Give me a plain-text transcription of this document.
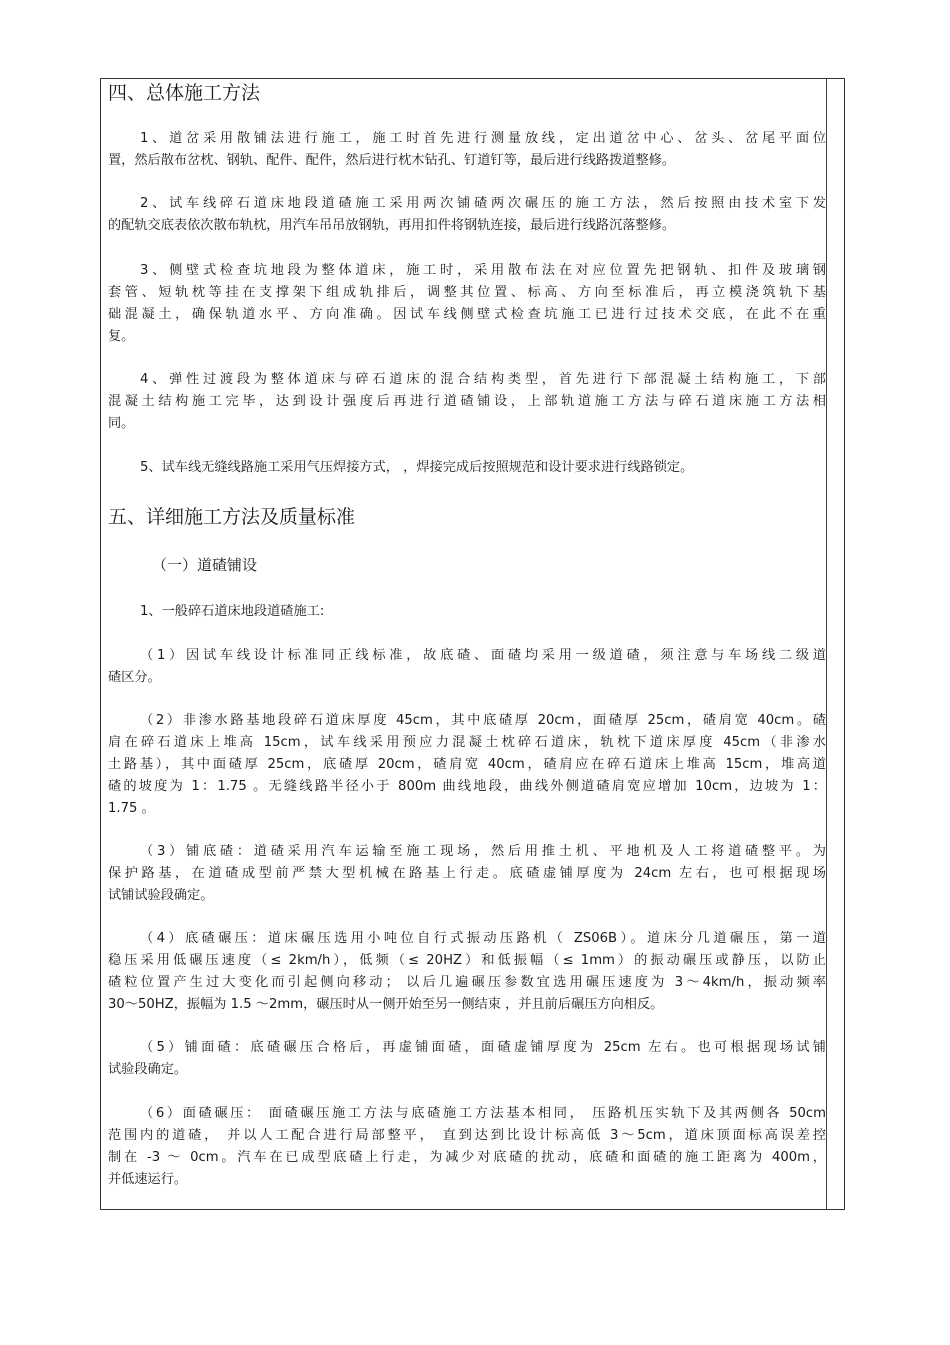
四、总体施工方法
1、道岔采用散铺法进行施工，施工时首先进行测量放线，定出道岔中心、岔头、岔尾平面位
置，然后散布岔枕、钢轨、配件、配件，然后进行枕木钻孔、钉道钉等，最后进行线路拨道整修。
2、试车线碎石道床地段道碴施工采用两次铺碴两次碾压的施工方法，然后按照由技术室下发
的配轨交底表依次散布轨枕，用汽车吊吊放钢轨，再用扣件将钢轨连接，最后进行线路沉落整修。
3、侧壁式检查坑地段为整体道床，施工时，采用散布法在对应位置先把钢轨、扣件及玻璃钢
套管、短轨枕等挂在支撑架下组成轨排后，调整其位置、标高、方向至标准后，再立模浇筑轨下基
础混凝土，确保轨道水平、方向准确。因试车线侧壁式检查坑施工已进行过技术交底，在此不在重
复。
4、弹性过渡段为整体道床与碎石道床的混合结构类型，首先进行下部混凝土结构施工，下部
混凝土结构施工完毕，达到设计强度后再进行道碴铺设，上部轨道施工方法与碎石道床施工方法相
同。
5、试车线无缝线路施工采用气压焊接方式， ，焊接完成后按照规范和设计要求进行线路锁定。
五、详细施工方法及质量标准
（一）道碴铺设
1、一般碎石道床地段道碴施工:
（1）因试车线设计标准同正线标准，故底碴、面碴均采用一级道碴，须注意与车场线二级道
碴区分。
（2）非渗水路基地段碎石道床厚度 45cm，其中底碴厚 20cm，面碴厚 25cm，碴肩宽 40cm。碴
肩在碎石道床上堆高 15cm，试车线采用预应力混凝土枕碎石道床，轨枕下道床厚度 45cm（非渗水
土路基），其中面碴厚 25cm，底碴厚 20cm，碴肩宽 40cm，碴肩应在碎石道床上堆高 15cm，堆高道
碴的坡度为 1：1.75 。无缝线路半径小于 800m 曲线地段，曲线外侧道碴肩宽应增加 10cm，边坡为 1：
1.75 。
（3）铺底碴：道碴采用汽车运输至施工现场，然后用推土机、平地机及人工将道碴整平。为
保护路基，在道碴成型前严禁大型机械在路基上行走。底碴虚铺厚度为 24cm 左右，也可根据现场
试铺试验段确定。
（4）底碴碾压：道床碾压选用小吨位自行式振动压路机（ ZS06B）。道床分几道碾压，第一道
稳压采用低碾压速度（≤ 2km/h），低频（≤ 20HZ）和低振幅（≤ 1mm）的振动碾压或静压，以防止
碴粒位置产生过大变化而引起侧向移动； 以后几遍碾压参数宜选用碾压速度为 3～4km/h，振动频率
30～50HZ，振幅为 1.5 ～2mm，碾压时从一侧开始至另一侧结束 ，并且前后碾压方向相反。
（5）铺面碴：底碴碾压合格后，再虚铺面碴，面碴虚铺厚度为 25cm 左右。也可根据现场试铺
试验段确定。
（6）面碴碾压： 面碴碾压施工方法与底碴施工方法基本相同， 压路机压实轨下及其两侧各 50cm
范围内的道碴， 并以人工配合进行局部整平， 直到达到比设计标高低 3～5cm，道床顶面标高误差控
制在 -3 ～ 0cm。汽车在已成型底碴上行走，为减少对底碴的扰动，底碴和面碴的施工距离为 400m，
并低速运行。
